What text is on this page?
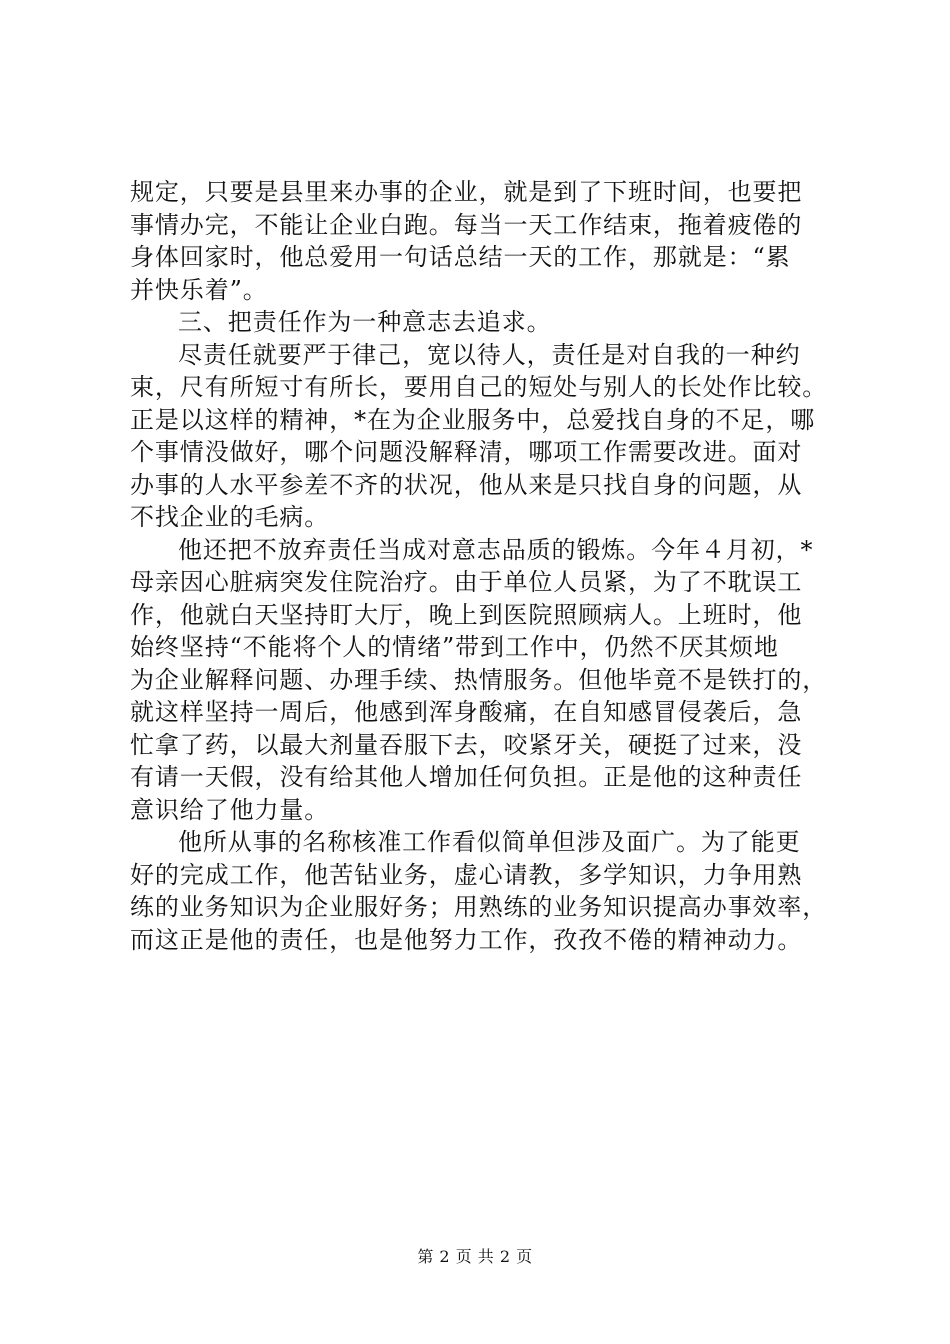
规定，只要是县里来办事的企业，就是到了下班时间，也要把
事情办完，不能让企业白跑。每当一天工作结束，拖着疲倦的
身体回家时，他总爱用一句话总结一天的工作，那就是：“累
并快乐着”。
三、把责任作为一种意志去追求。
尽责任就要严于律己，宽以待人，责任是对自我的一种约
束，尺有所短寸有所长，要用自己的短处与别人的长处作比较。
正是以这样的精神，*在为企业服务中，总爱找自身的不足，哪
个事情没做好，哪个问题没解释清，哪项工作需要改进。面对
办事的人水平参差不齐的状况，他从来是只找自身的问题，从
不找企业的毛病。
他还把不放弃责任当成对意志品质的锻炼。今年４月初，*
母亲因心脏病突发住院治疗。由于单位人员紧，为了不耽误工
作，他就白天坚持盯大厅，晚上到医院照顾病人。上班时，他
始终坚持“不能将个人的情绪”带到工作中，仍然不厌其烦地
为企业解释问题、办理手续、热情服务。但他毕竟不是铁打的，
就这样坚持一周后，他感到浑身酸痛，在自知感冒侵袭后，急
忙拿了药，以最大剂量吞服下去，咬紧牙关，硬挺了过来，没
有请一天假，没有给其他人增加任何负担。正是他的这种责任
意识给了他力量。
他所从事的名称核准工作看似简单但涉及面广。为了能更
好的完成工作，他苦钻业务，虚心请教，多学知识，力争用熟
练的业务知识为企业服好务；用熟练的业务知识提高办事效率，
而这正是他的责任，也是他努力工作，孜孜不倦的精神动力。
第 2 页 共 2 页
